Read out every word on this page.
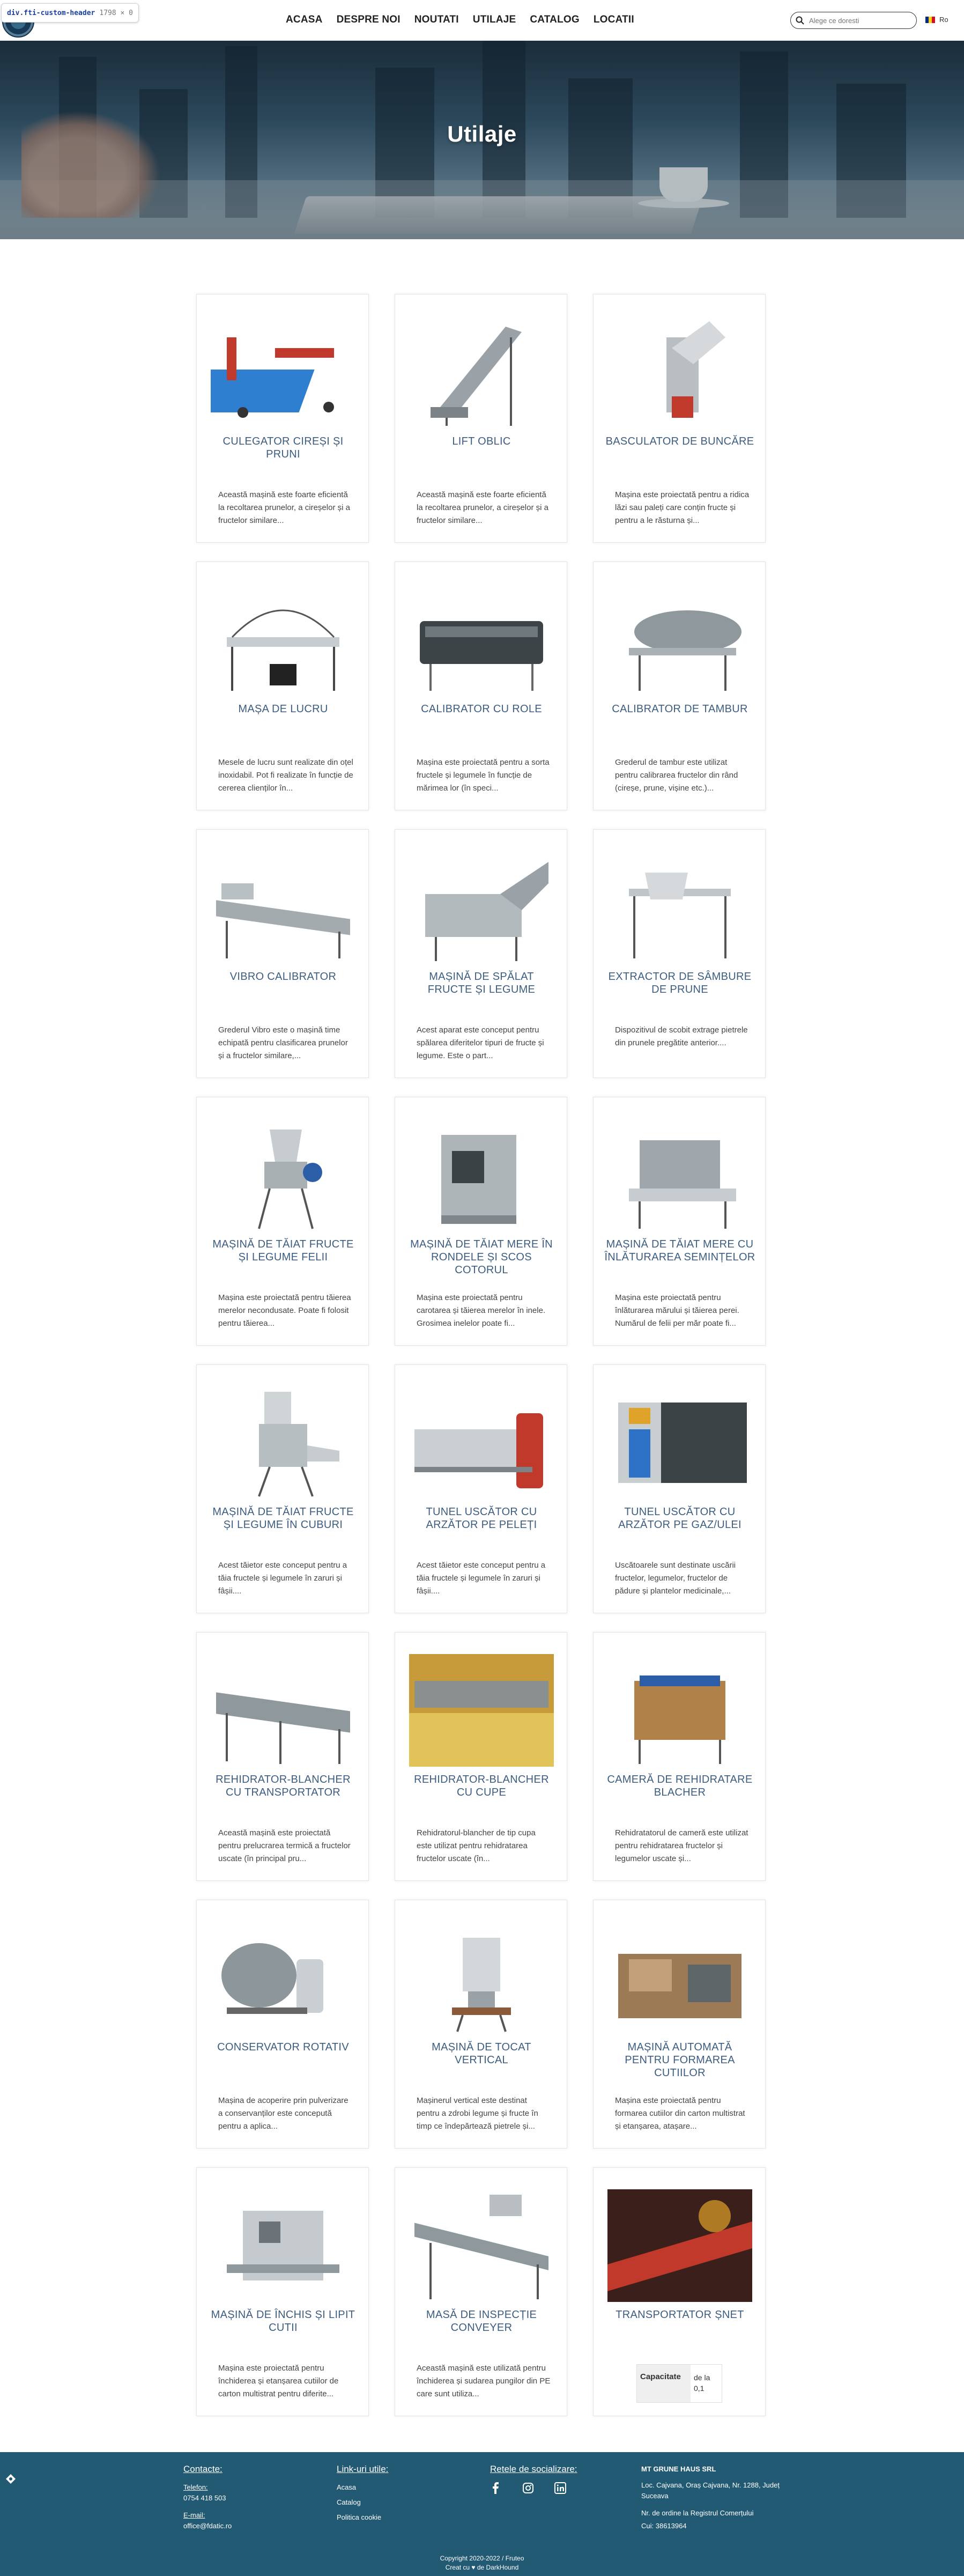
div.fti-custom-header 1798 × 0
ACASA	DESPRE NOI	NOUTATI	UTILAJE	CATALOG	LOCATII
Alege ce doresti	Ro
Utilaje
CULEGATOR CIREȘI ȘI PRUNI
Această mașină este foarte eficientă la recoltarea prunelor, a cireșelor și a fructelor similare...
LIFT OBLIC
Această mașină este foarte eficientă la recoltarea prunelor, a cireșelor și a fructelor similare...
BASCULATOR DE BUNCĂRE
Mașina este proiectată pentru a ridica lăzi sau paleți care conțin fructe și pentru a le răsturna și...
MAȘA DE LUCRU
Mesele de lucru sunt realizate din oțel inoxidabil. Pot fi realizate în funcție de cererea clienților în...
CALIBRATOR CU ROLE
Mașina este proiectată pentru a sorta fructele și legumele în funcție de mărimea lor (în speci...
CALIBRATOR DE TAMBUR
Grederul de tambur este utilizat pentru calibrarea fructelor din rând (cireșe, prune, vișine etc.)...
VIBRO CALIBRATOR
Grederul Vibro este o mașină time echipată pentru clasificarea prunelor și a fructelor similare,...
MAȘINĂ DE SPĂLAT FRUCTE ȘI LEGUME
Acest aparat este conceput pentru spălarea diferitelor tipuri de fructe și legume. Este o part...
EXTRACTOR DE SÂMBURE DE PRUNE
Dispozitivul de scobit extrage pietrele din prunele pregătite anterior....
MAȘINĂ DE TĂIAT FRUCTE ȘI LEGUME FELII
Mașina este proiectată pentru tăierea merelor necondusate. Poate fi folosit pentru tăierea...
MAȘINĂ DE TĂIAT MERE ÎN RONDELE ȘI SCOS COTORUL
Mașina este proiectată pentru carotarea și tăierea merelor în inele. Grosimea inelelor poate fi...
MAȘINĂ DE TĂIAT MERE CU ÎNLĂTURAREA SEMINȚELOR
Mașina este proiectată pentru înlăturarea mărului și tăierea perei. Numărul de felii per măr poate fi...
MAȘINĂ DE TĂIAT FRUCTE ȘI LEGUME ÎN CUBURI
Acest tăietor este conceput pentru a tăia fructele și legumele în zaruri și fâșii....
TUNEL USCĂTOR CU ARZĂTOR PE PELEȚI
Acest tăietor este conceput pentru a tăia fructele și legumele în zaruri și fâșii....
TUNEL USCĂTOR CU ARZĂTOR PE GAZ/ULEI
Uscătoarele sunt destinate uscării fructelor, legumelor, fructelor de pădure și plantelor medicinale,...
REHIDRATOR-BLANCHER CU TRANSPORTATOR
Această mașină este proiectată pentru prelucrarea termică a fructelor uscate (în principal pru...
REHIDRATOR-BLANCHER CU CUPE
Rehidratorul-blancher de tip cupa este utilizat pentru rehidratarea fructelor uscate (în...
CAMERĂ DE REHIDRATARE BLACHER
Rehidratatorul de cameră este utilizat pentru rehidratarea fructelor și legumelor uscate și...
CONSERVATOR ROTATIV
Mașina de acoperire prin pulverizare a conservanților este concepută pentru a aplica...
MAȘINĂ DE TOCAT VERTICAL
Mașinerul vertical este destinat pentru a zdrobi legume și fructe în timp ce îndepărtează pietrele și...
MAȘINĂ AUTOMATĂ PENTRU FORMAREA CUTIILOR
Mașina este proiectată pentru formarea cutiilor din carton multistrat și etanșarea, atașare...
MAȘINĂ DE ÎNCHIS ȘI LIPIT CUTII
Mașina este proiectată pentru închiderea și etanșarea cutiilor de carton multistrat pentru diferite...
MASĂ DE INSPECȚIE CONVEYER
Această mașină este utilizată pentru închiderea și sudarea pungilor din PE care sunt utiliza...
TRANSPORTATOR ȘNET
Capacitate	de la 0,1
Contacte:
Telefon:
0754 418 503
E-mail:
office@fdatic.ro
Link-uri utile:
Acasa
Catalog
Politica cookie
Retele de socializare:	MT GRUNE HAUS SRL
Loc. Cajvana, Oraș Cajvana, Nr. 1288, Județ Suceava
Nr. de ordine la Registrul Comerțului
Cui: 38613964
Copyright 2020-2022 / Fruteo
Creat cu ♥ de DarkHound
